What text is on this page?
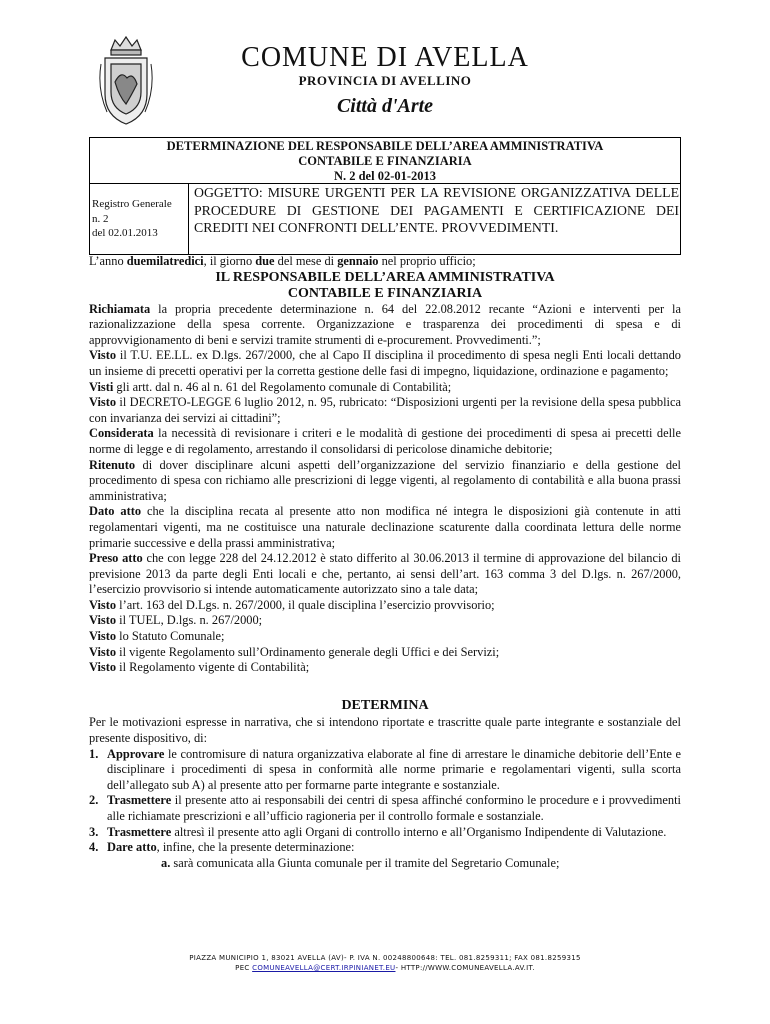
COMUNE DI AVELLA
PROVINCIA DI AVELLINO
Città d'Arte
DETERMINAZIONE DEL RESPONSABILE DELL’AREA AMMINISTRATIVA
CONTABILE E FINANZIARIA
N. 2 del 02-01-2013
Registro Generale
n. 2
del 02.01.2013
OGGETTO: MISURE URGENTI PER LA REVISIONE ORGANIZZATIVA DELLE PROCEDURE DI GESTIONE DEI PAGAMENTI E CERTIFICAZIONE DEI CREDITI NEI CONFRONTI DELL’ENTE. PROVVEDIMENTI.

L’anno duemilatredici, il giorno due del mese di gennaio nel proprio ufficio;

IL RESPONSABILE DELL’AREA AMMINISTRATIVA

CONTABILE E FINANZIARIA

Richiamata la propria precedente determinazione n. 64 del 22.08.2012 recante “Azioni e interventi per la razionalizzazione della spesa corrente. Organizzazione e trasparenza dei procedimenti di spesa e di approvvigionamento di beni e servizi tramite strumenti di e-procurement. Provvedimenti.”;

Visto il T.U. EE.LL. ex D.lgs. 267/2000, che al Capo II disciplina il procedimento di spesa negli Enti locali dettando un insieme di precetti operativi per la corretta gestione delle fasi di impegno, liquidazione, ordinazione e pagamento;

Visti gli artt. dal n. 46 al n. 61 del Regolamento comunale di Contabilità;

Visto il DECRETO-LEGGE 6 luglio 2012, n. 95, rubricato: “Disposizioni urgenti per la revisione della spesa pubblica con invarianza dei servizi ai cittadini”;

Considerata la necessità di revisionare i criteri e le modalità di gestione dei procedimenti di spesa ai precetti delle norme di legge e di regolamento, arrestando il consolidarsi di pericolose dinamiche debitorie;

Ritenuto di dover disciplinare alcuni aspetti dell’organizzazione del servizio finanziario e della gestione del procedimento di spesa con richiamo alle prescrizioni di legge vigenti, al regolamento di contabilità e alla buona prassi amministrativa;

Dato atto che la disciplina recata al presente atto non modifica né integra le disposizioni già contenute in atti regolamentari vigenti, ma ne costituisce una naturale declinazione scaturente dalla coordinata lettura delle norme primarie successive e della prassi amministrativa;

Preso atto che con legge 228 del 24.12.2012 è stato differito al 30.06.2013 il termine di approvazione del bilancio di previsione 2013 da parte degli Enti locali e che, pertanto, ai sensi dell’art. 163 comma 3 del D.lgs. n. 267/2000, l’esercizio provvisorio si intende automaticamente autorizzato sino a tale data;

Visto l’art. 163 del D.Lgs. n. 267/2000, il quale disciplina l’esercizio provvisorio;

Visto il TUEL, D.lgs. n. 267/2000;

Visto lo Statuto Comunale;

Visto il vigente Regolamento sull’Ordinamento generale degli Uffici e dei Servizi;

Visto il Regolamento vigente di Contabilità;

DETERMINA

Per le motivazioni espresse in narrativa, che si intendono riportate e trascritte quale parte integrante e sostanziale del presente dispositivo, di:

1. Approvare le contromisure di natura organizzativa elaborate al fine di arrestare le dinamiche debitorie dell’Ente e disciplinare i procedimenti di spesa in conformità alle norme primarie e regolamentari vigenti, sulla scorta dell’allegato sub A) al presente atto per formarne parte integrante e sostanziale.
2. Trasmettere il presente atto ai responsabili dei centri di spesa affinché conformino le procedure e i provvedimenti alle richiamate prescrizioni e all’ufficio ragioneria per il controllo formale e sostanziale.
3. Trasmettere altresì il presente atto agli Organi di controllo interno e all’Organismo Indipendente di Valutazione.
4. Dare atto, infine, che la presente determinazione:

a. sarà comunicata alla Giunta comunale per il tramite del Segretario Comunale;

PIAZZA MUNICIPIO 1, 83021 AVELLA (AV)- P. IVA N. 00248800648: TEL. 081.8259311; FAX 081.8259315
PEC COMUNEAVELLA@CERT.IRPINIANET.EU- HTTP://WWW.COMUNEAVELLA.AV.IT.
